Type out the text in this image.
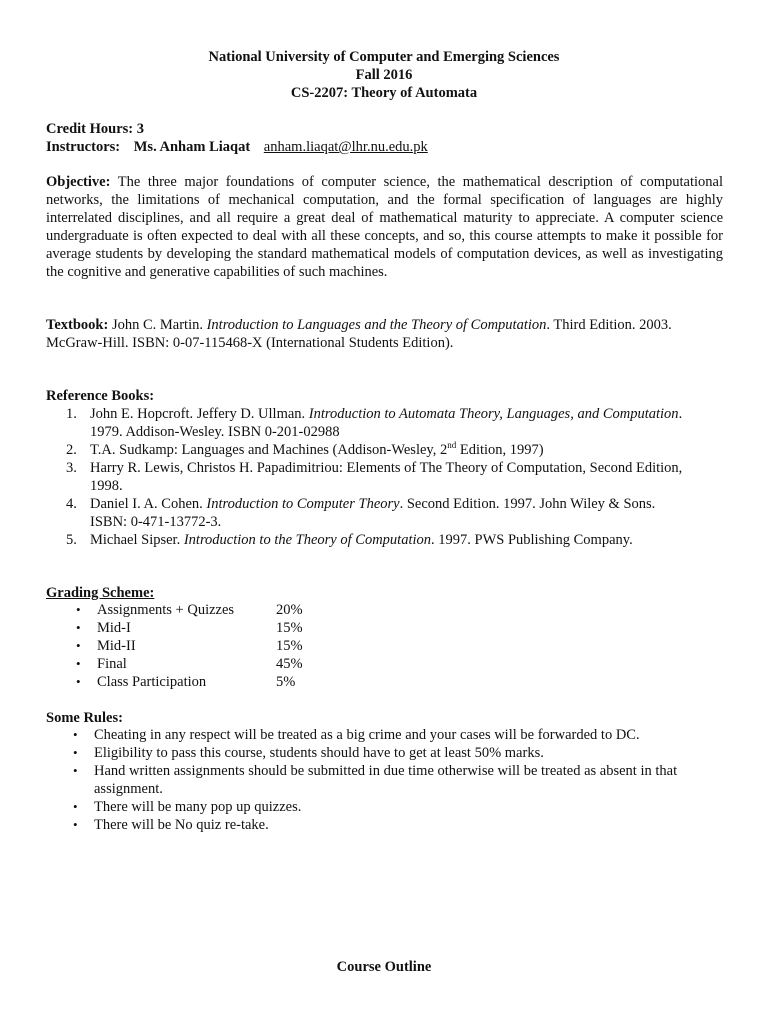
National University of Computer and Emerging Sciences
Fall 2016
CS-2207: Theory of Automata
Credit Hours: 3
Instructors: Ms. Anham Liaqat anham.liaqat@lhr.nu.edu.pk
Objective: The three major foundations of computer science, the mathematical description of computational networks, the limitations of mechanical computation, and the formal specification of languages are highly interrelated disciplines, and all require a great deal of mathematical maturity to appreciate. A computer science undergraduate is often expected to deal with all these concepts, and so, this course attempts to make it possible for average students by developing the standard mathematical models of computation devices, as well as investigating the cognitive and generative capabilities of such machines.
Textbook: John C. Martin. Introduction to Languages and the Theory of Computation. Third Edition. 2003.
McGraw-Hill. ISBN: 0-07-115468-X (International Students Edition).
Reference Books:
1. John E. Hopcroft. Jeffery D. Ullman. Introduction to Automata Theory, Languages, and Computation.
1979. Addison-Wesley. ISBN 0-201-02988
2. T.A. Sudkamp: Languages and Machines (Addison-Wesley, 2nd Edition, 1997)
3. Harry R. Lewis, Christos H. Papadimitriou: Elements of The Theory of Computation, Second Edition,
1998.
4. Daniel I. A. Cohen. Introduction to Computer Theory. Second Edition. 1997. John Wiley & Sons.
ISBN: 0-471-13772-3.
5. Michael Sipser. Introduction to the Theory of Computation. 1997. PWS Publishing Company.
Grading Scheme:
• Assignments + Quizzes	20%
• Mid-I	15%
• Mid-II	15%
• Final	45%
• Class Participation	5%
Some Rules:
• Cheating in any respect will be treated as a big crime and your cases will be forwarded to DC.
• Eligibility to pass this course, students should have to get at least 50% marks.
• Hand written assignments should be submitted in due time otherwise will be treated as absent in that
assignment.
• There will be many pop up quizzes.
• There will be No quiz re-take.
Course Outline
